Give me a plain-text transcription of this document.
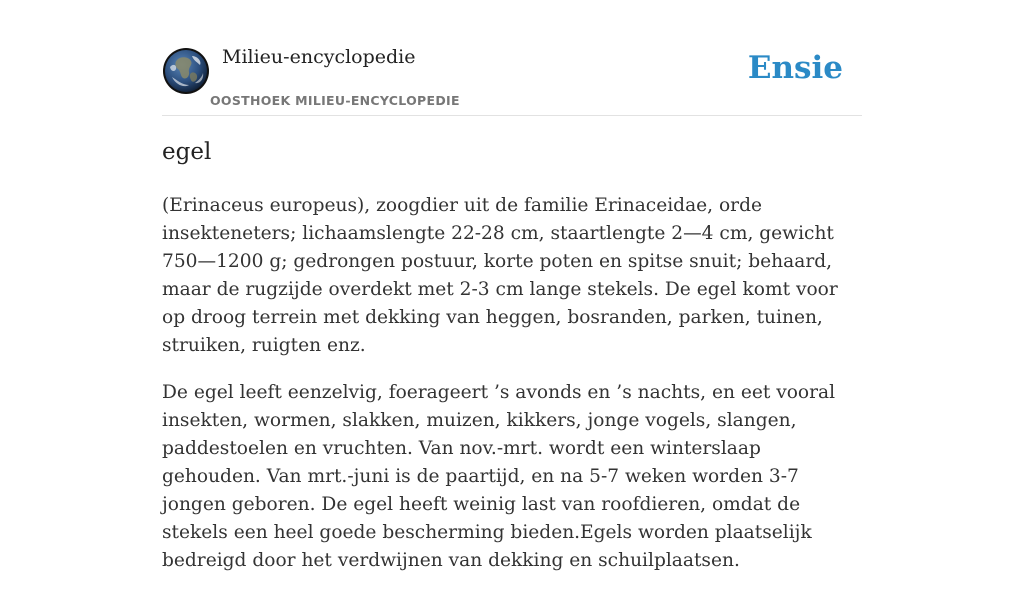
Milieu-encyclopedie
OOSTHOEK MILIEU-ENCYCLOPEDIE
Ensie
egel

(Erinaceus europeus), zoogdier uit de familie Erinaceidae, orde insekteneters; lichaamslengte 22-28 cm, staartlengte 2—4 cm, gewicht 750—1200 g; gedrongen postuur, korte poten en spitse snuit; behaard, maar de rugzijde overdekt met 2-3 cm lange stekels. De egel komt voor op droog terrein met dekking van heggen, bosranden, parken, tuinen, struiken, ruigten enz.

De egel leeft eenzelvig, foerageert ’s avonds en ’s nachts, en eet vooral insekten, wormen, slakken, muizen, kikkers, jonge vogels, slangen, paddestoelen en vruchten. Van nov.-mrt. wordt een winterslaap gehouden. Van mrt.-juni is de paartijd, en na 5-7 weken worden 3-7 jongen geboren. De egel heeft weinig last van roofdieren, omdat de stekels een heel goede bescherming bieden.Egels worden plaatselijk bedreigd door het verdwijnen van dekking en schuilplaatsen.
